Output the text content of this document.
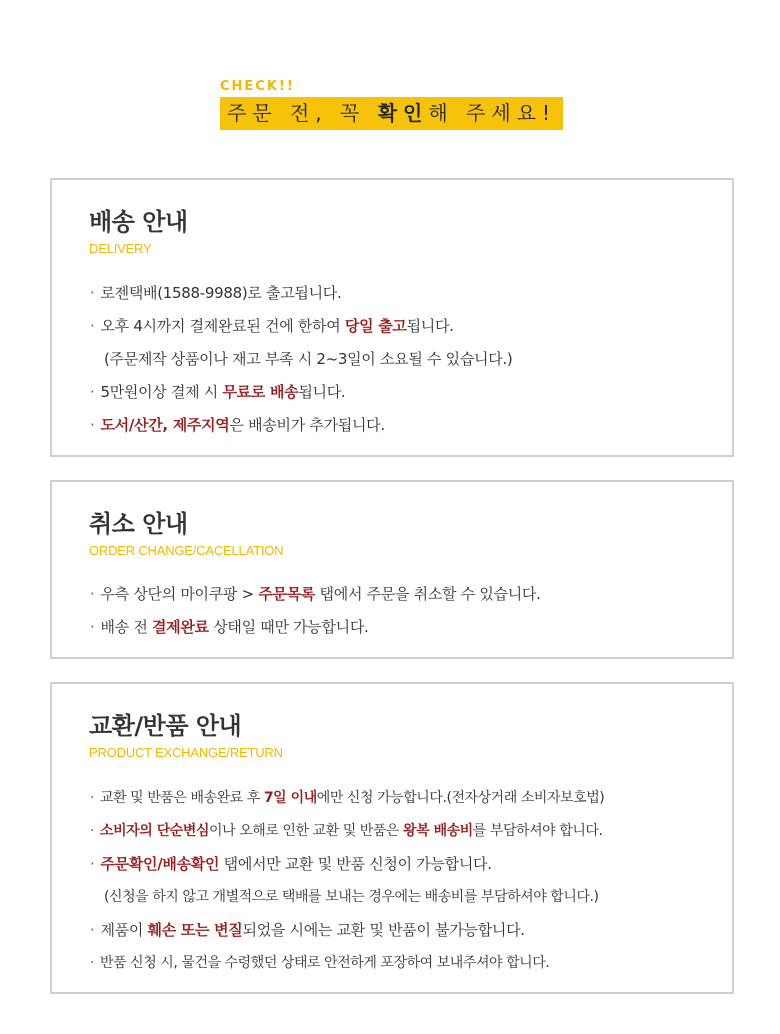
CHECK!!
주문 전, 꼭 확인해 주세요!
배송 안내
DELIVERY
· 로젠택배(1588-9988)로 출고됩니다.
· 오후 4시까지 결제완료된 건에 한하여 당일 출고됩니다.
(주문제작 상품이나 재고 부족 시 2~3일이 소요될 수 있습니다.)
· 5만원이상 결제 시 무료로 배송됩니다.
· 도서/산간, 제주지역은 배송비가 추가됩니다.
취소 안내
ORDER CHANGE/CACELLATION
· 우측 상단의 마이쿠팡 > 주문목록 탭에서 주문을 취소할 수 있습니다.
· 배송 전 결제완료 상태일 때만 가능합니다.
교환/반품 안내
PRODUCT EXCHANGE/RETURN
· 교환 및 반품은 배송완료 후 7일 이내에만 신청 가능합니다.(전자상거래 소비자보호법)
· 소비자의 단순변심이나 오해로 인한 교환 및 반품은 왕복 배송비를 부담하셔야 합니다.
· 주문확인/배송확인 탭에서만 교환 및 반품 신청이 가능합니다.
(신청을 하지 않고 개별적으로 택배를 보내는 경우에는 배송비를 부담하셔야 합니다.)
· 제품이 훼손 또는 변질되었을 시에는 교환 및 반품이 불가능합니다.
· 반품 신청 시, 물건을 수령했던 상태로 안전하게 포장하여 보내주셔야 합니다.
